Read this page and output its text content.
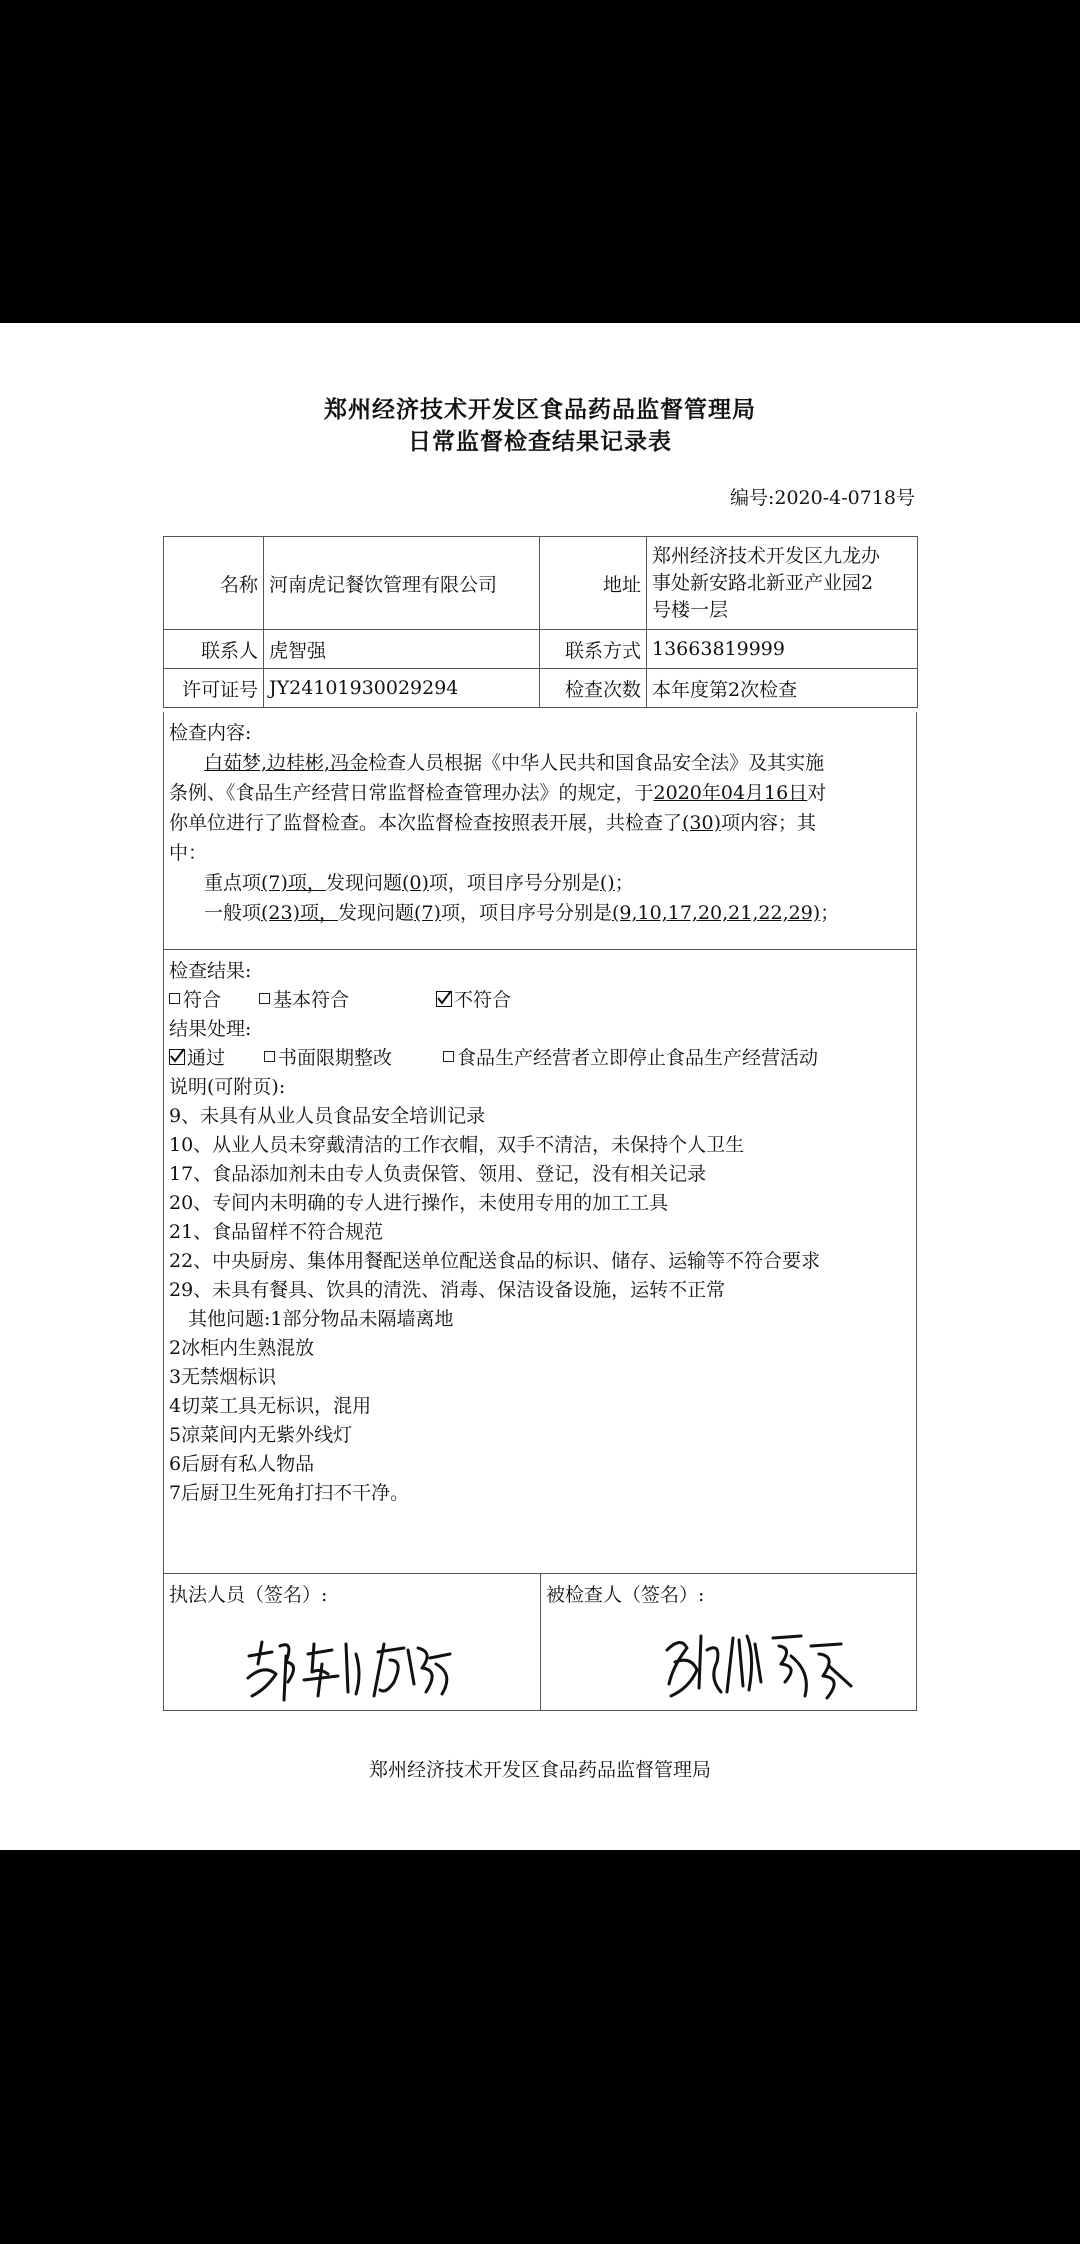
郑州经济技术开发区食品药品监督管理局
日常监督检查结果记录表
编号:2020-4-0718号
名称	河南虎记餐饮管理有限公司	地址	郑州经济技术开发区九龙办
事处新安路北新亚产业园2
号楼一层

联系人	虎智强	联系方式	13663819999
许可证号	JY24101930029294	检查次数	本年度第2次检查
检查内容:
白茹梦,边桂彬,冯金检查人员根据《中华人民共和国食品安全法》及其实施
条例、《食品生产经营日常监督检查管理办法》的规定，于2020年04月16日对
你单位进行了监督检查。本次监督检查按照表开展，共检查了(30)项内容；其
中：
重点项(7)项，发现问题(0)项，项目序号分别是()；
一般项(23)项，发现问题(7)项，项目序号分别是(9,10,17,20,21,22,29)；
检查结果:
符合	基本符合	不符合
结果处理:
通过	书面限期整改	食品生产经营者立即停止食品生产经营活动
说明(可附页):
9、未具有从业人员食品安全培训记录
10、从业人员未穿戴清洁的工作衣帽，双手不清洁，未保持个人卫生
17、食品添加剂未由专人负责保管、领用、登记，没有相关记录
20、专间内未明确的专人进行操作，未使用专用的加工工具
21、食品留样不符合规范
22、中央厨房、集体用餐配送单位配送食品的标识、储存、运输等不符合要求
29、未具有餐具、饮具的清洗、消毒、保洁设备设施，运转不正常
　其他问题:1部分物品未隔墙离地
2冰柜内生熟混放
3无禁烟标识
4切菜工具无标识，混用
5凉菜间内无紫外线灯
6后厨有私人物品
7后厨卫生死角打扫不干净。
执法人员（签名）:	被检查人（签名）:
郑州经济技术开发区食品药品监督管理局
